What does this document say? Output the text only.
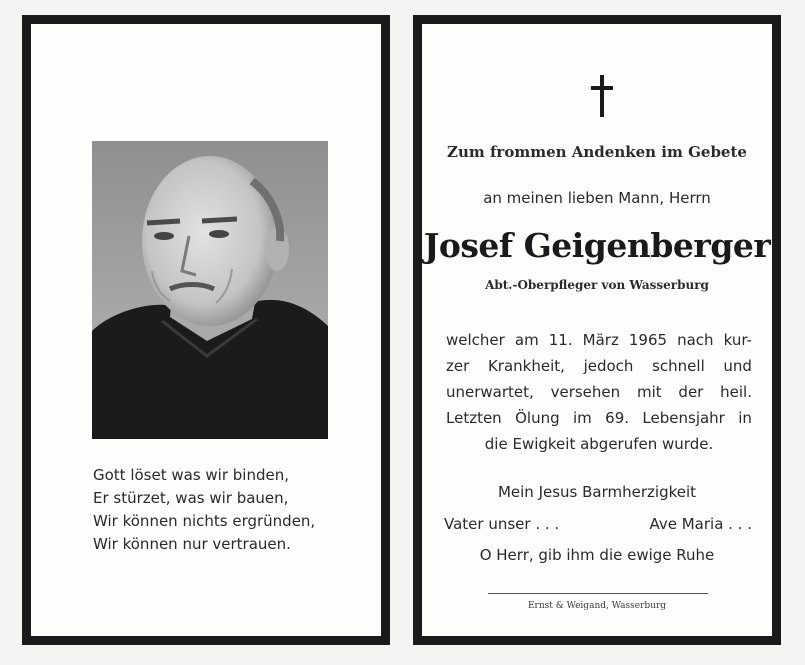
Gott löset was wir binden,
Er stürzet, was wir bauen,
Wir können nichts ergründen,
Wir können nur vertrauen.
Zum frommen Andenken im Gebete
an meinen lieben Mann, Herrn
Josef Geigenberger
Abt.-Oberpfleger von Wasserburg
welcher am 11. März 1965 nach kur-
zer Krankheit, jedoch schnell und
unerwartet, versehen mit der heil.
Letzten Ölung im 69. Lebensjahr in
die Ewigkeit abgerufen wurde.
Mein Jesus Barmherzigkeit
Vater unser . . .	Ave Maria . . .
O Herr, gib ihm die ewige Ruhe
Ernst & Weigand, Wasserburg
